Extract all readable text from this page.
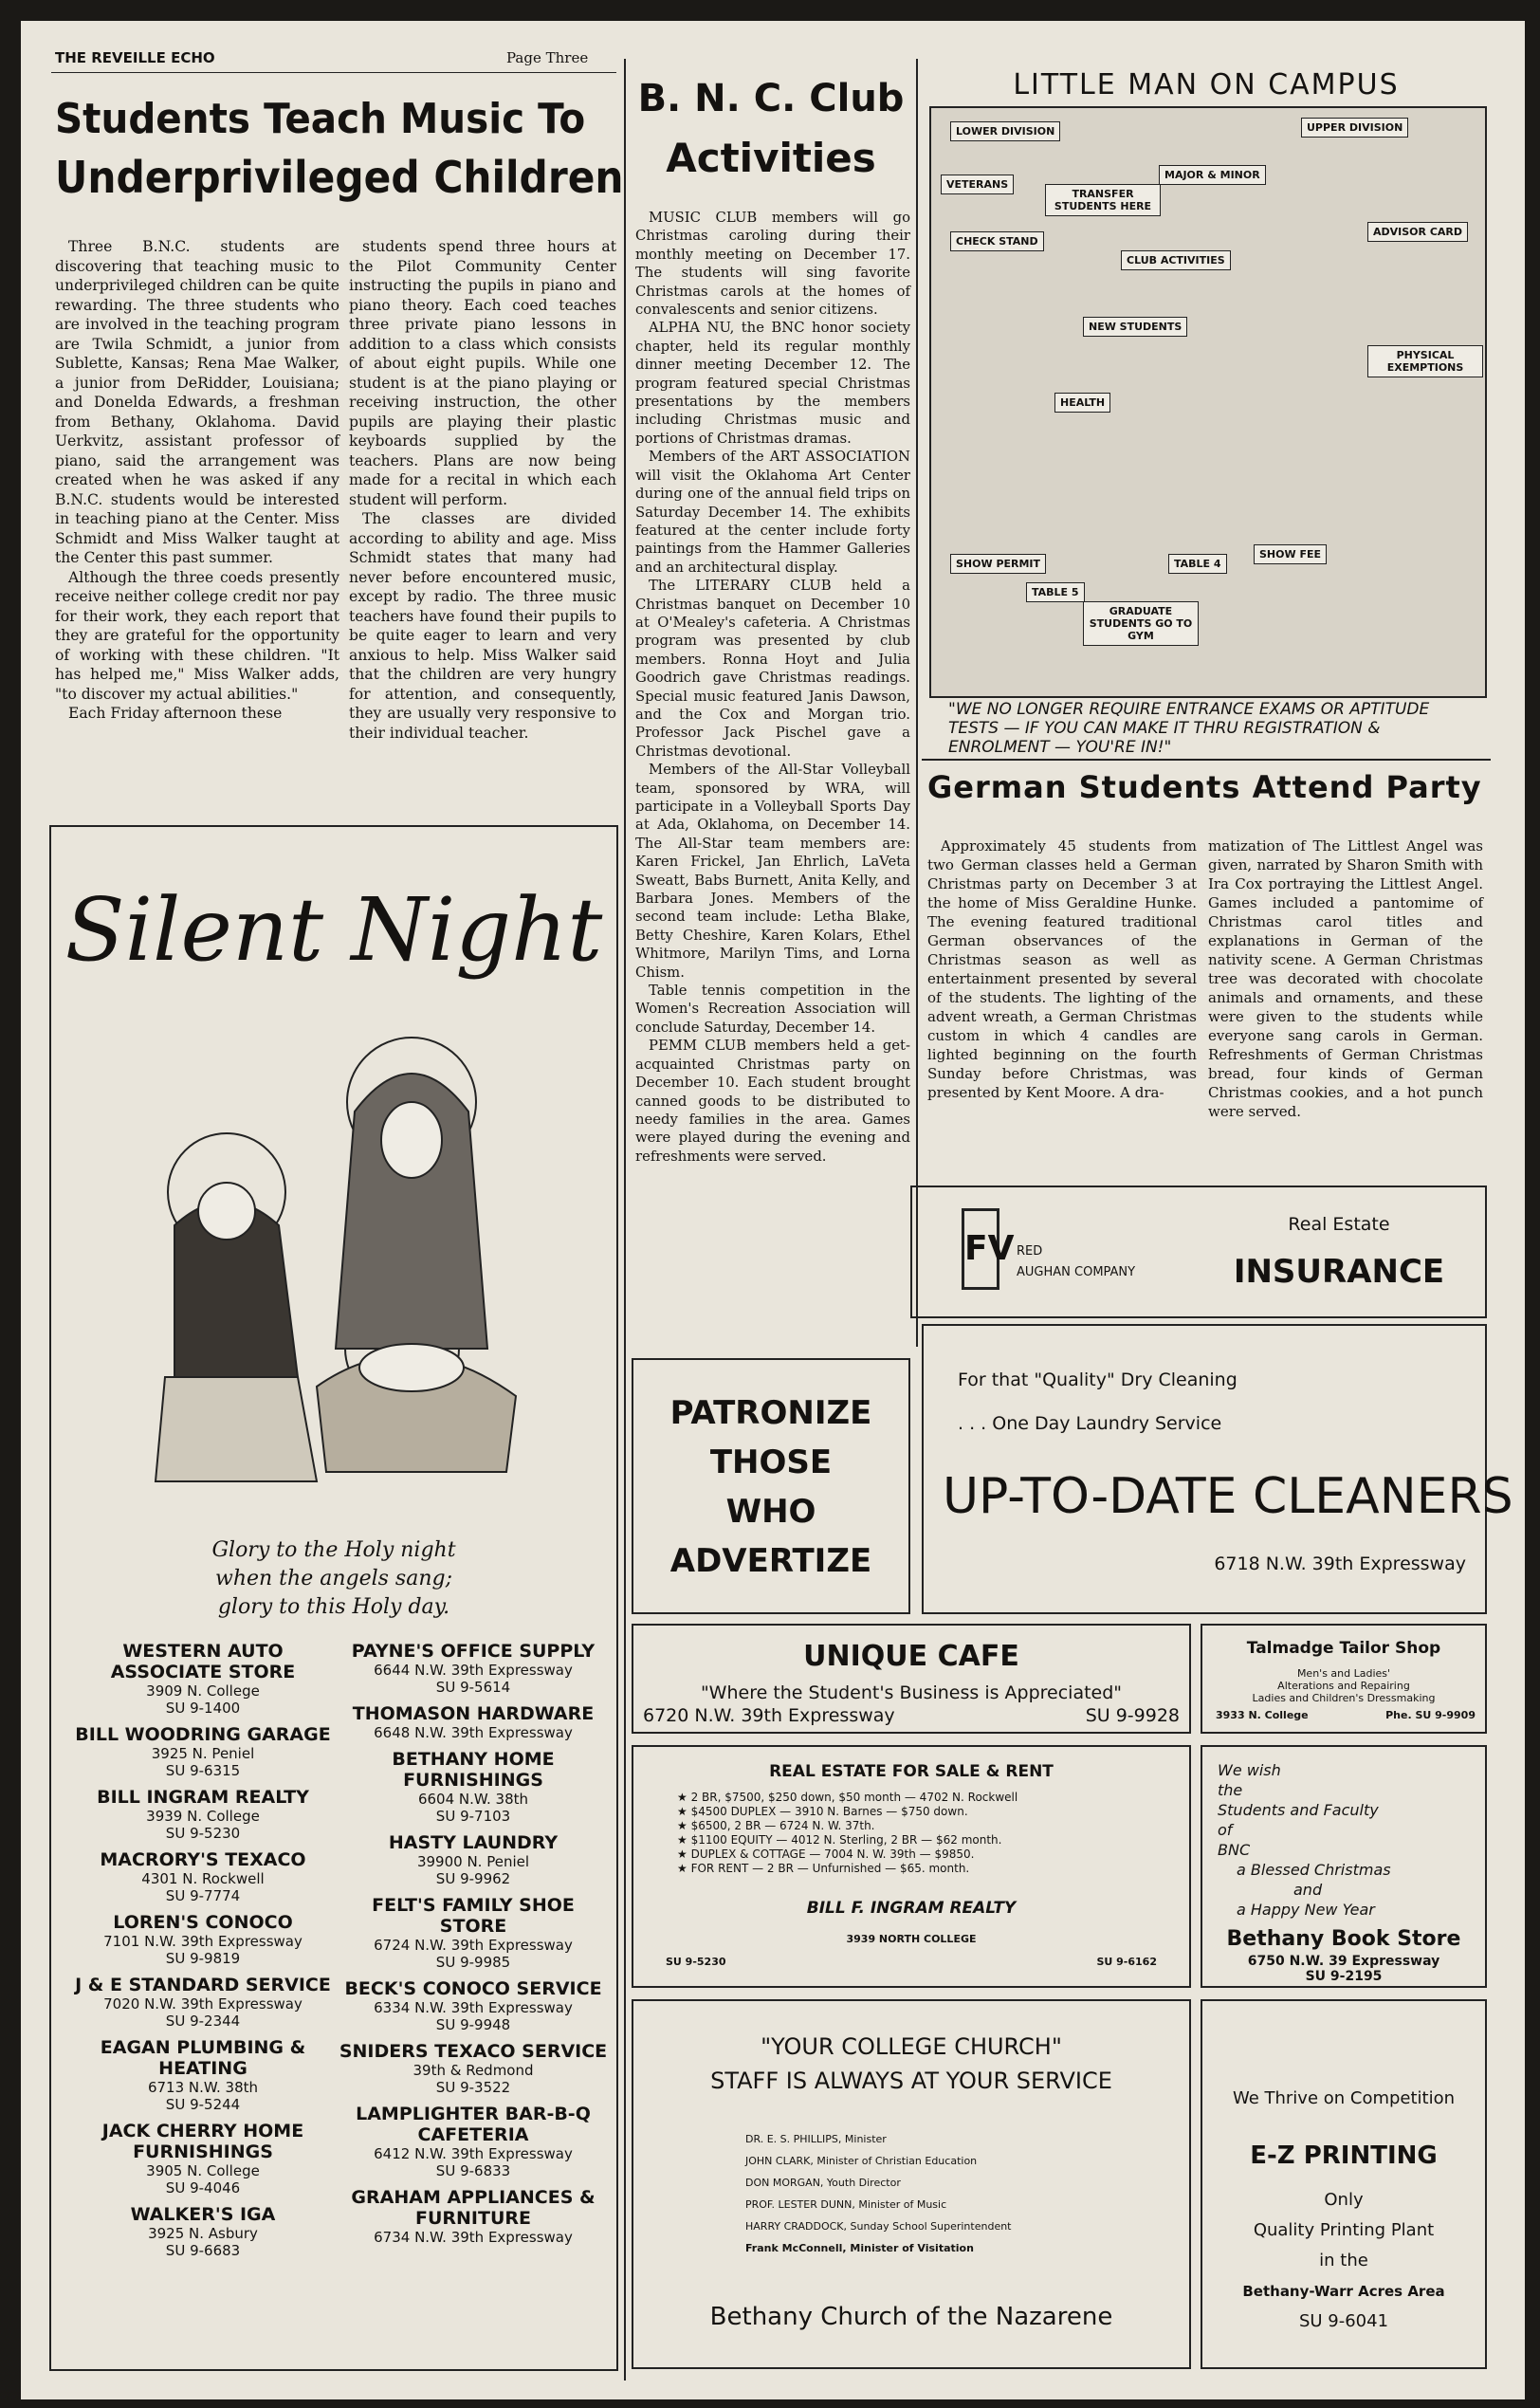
THE REVEILLE ECHO	Page Three
Students Teach Music To
Underprivileged Children

Three B.N.C. students are discovering that teaching music to underprivileged children can be quite rewarding. The three students who are involved in the teaching program are Twila Schmidt, a junior from Sublette, Kansas; Rena Mae Walker, a junior from DeRidder, Louisiana; and Donelda Edwards, a freshman from Bethany, Oklahoma. David Uerkvitz, assistant professor of piano, said the arrangement was created when he was asked if any B.N.C. students would be interested in teaching piano at the Center. Miss Schmidt and Miss Walker taught at the Center this past summer.

Although the three coeds presently receive neither college credit nor pay for their work, they each report that they are grateful for the opportunity of working with these children. "It has helped me," Miss Walker adds, "to discover my actual abilities."

Each Friday afternoon these

students spend three hours at the Pilot Community Center instructing the pupils in piano and piano theory. Each coed teaches three private piano lessons in addition to a class which consists of about eight pupils. While one student is at the piano playing or receiving instruction, the other pupils are playing their plastic keyboards supplied by the teachers. Plans are now being made for a recital in which each student will perform.

The classes are divided according to ability and age. Miss Schmidt states that many had never before encountered music, except by radio. The three music teachers have found their pupils to be quite eager to learn and very anxious to help. Miss Walker said that the children are very hungry for attention, and consequently, they are usually very responsive to their individual teacher.

Silent Night
Glory to the Holy night
when the angels sang;
glory to this Holy day.
WESTERN AUTO ASSOCIATE STORE
3909 N. College
SU 9-1400
BILL WOODRING GARAGE
3925 N. Peniel
SU 9-6315
BILL INGRAM REALTY
3939 N. College
SU 9-5230
MACRORY'S TEXACO
4301 N. Rockwell
SU 9-7774
LOREN'S CONOCO
7101 N.W. 39th Expressway
SU 9-9819
J & E STANDARD SERVICE
7020 N.W. 39th Expressway
SU 9-2344
EAGAN PLUMBING & HEATING
6713 N.W. 38th
SU 9-5244
JACK CHERRY HOME FURNISHINGS
3905 N. College
SU 9-4046
WALKER'S IGA
3925 N. Asbury
SU 9-6683
PAYNE'S OFFICE SUPPLY
6644 N.W. 39th Expressway
SU 9-5614
THOMASON HARDWARE
6648 N.W. 39th Expressway
BETHANY HOME FURNISHINGS
6604 N.W. 38th
SU 9-7103
HASTY LAUNDRY
39900 N. Peniel
SU 9-9962
FELT'S FAMILY SHOE STORE
6724 N.W. 39th Expressway
SU 9-9985
BECK'S CONOCO SERVICE
6334 N.W. 39th Expressway
SU 9-9948
SNIDERS TEXACO SERVICE
39th & Redmond
SU 9-3522
LAMPLIGHTER BAR-B-Q CAFETERIA
6412 N.W. 39th Expressway
SU 9-6833
GRAHAM APPLIANCES & FURNITURE
6734 N.W. 39th Expressway
B. N. C. Club
Activities

MUSIC CLUB members will go Christmas caroling during their monthly meeting on December 17. The students will sing favorite Christmas carols at the homes of convalescents and senior citizens.

ALPHA NU, the BNC honor society chapter, held its regular monthly dinner meeting December 12. The program featured special Christmas presentations by the members including Christmas music and portions of Christmas dramas.

Members of the ART ASSOCIATION will visit the Oklahoma Art Center during one of the annual field trips on Saturday December 14. The exhibits featured at the center include forty paintings from the Hammer Galleries and an architectural display.

The LITERARY CLUB held a Christmas banquet on December 10 at O'Mealey's cafeteria. A Christmas program was presented by club members. Ronna Hoyt and Julia Goodrich gave Christmas readings. Special music featured Janis Dawson, and the Cox and Morgan trio. Professor Jack Pischel gave a Christmas devotional.

Members of the All-Star Volleyball team, sponsored by WRA, will participate in a Volleyball Sports Day at Ada, Oklahoma, on December 14. The All-Star team members are: Karen Frickel, Jan Ehrlich, LaVeta Sweatt, Babs Burnett, Anita Kelly, and Barbara Jones. Members of the second team include: Letha Blake, Betty Cheshire, Karen Kolars, Ethel Whitmore, Marilyn Tims, and Lorna Chism.

Table tennis competition in the Women's Recreation Association will conclude Saturday, December 14.

PEMM CLUB members held a get-acquainted Christmas party on December 10. Each student brought canned goods to be distributed to needy families in the area. Games were played during the evening and refreshments were served.

LITTLE MAN ON CAMPUS
LOWER DIVISION	UPPER DIVISION
VETERANS
TRANSFER STUDENTS HERE
MAJOR & MINOR
CHECK STAND
CLUB ACTIVITIES
NEW STUDENTS
HEALTH
ADVISOR CARD
PHYSICAL EXEMPTIONS
TABLE 4
SHOW FEE
SHOW PERMIT
TABLE 5
GRADUATE STUDENTS GO TO GYM
"WE NO LONGER REQUIRE ENTRANCE EXAMS OR APTITUDE TESTS — IF YOU CAN MAKE IT THRU REGISTRATION & ENROLMENT — YOU'RE IN!"
German Students Attend Party

Approximately 45 students from two German classes held a German Christmas party on December 3 at the home of Miss Geraldine Hunke. The evening featured traditional German observances of the Christmas season as well as entertainment presented by several of the students. The lighting of the advent wreath, a German Christmas custom in which 4 candles are lighted beginning on the fourth Sunday before Christmas, was presented by Kent Moore. A dra-

matization of The Littlest Angel was given, narrated by Sharon Smith with Ira Cox portraying the Littlest Angel. Games included a pantomime of Christmas carol titles and explanations in German of the nativity scene. A German Christmas tree was decorated with chocolate animals and ornaments, and these were given to the students while everyone sang carols in German. Refreshments of German Christmas bread, four kinds of German Christmas cookies, and a hot punch were served.

FV RED
AUGHAN COMPANY
Real Estate
INSURANCE
PATRONIZE
THOSE
WHO
ADVERTIZE
For that "Quality" Dry Cleaning
. . . One Day Laundry Service
UP-TO-DATE CLEANERS
6718 N.W. 39th Expressway
UNIQUE CAFE
"Where the Student's Business is Appreciated"
6720 N.W. 39th Expressway	SU 9-9928
Talmadge Tailor Shop
Men's and Ladies'
Alterations and Repairing
Ladies and Children's Dressmaking
3933 N. College	Phe. SU 9-9909
REAL ESTATE FOR SALE & RENT
★ 2 BR, $7500, $250 down, $50 month — 4702 N. Rockwell
★ $4500 DUPLEX — 3910 N. Barnes — $750 down.
★ $6500, 2 BR — 6724 N. W. 37th.
★ $1100 EQUITY — 4012 N. Sterling, 2 BR — $62 month.
★ DUPLEX & COTTAGE — 7004 N. W. 39th — $9850.
★ FOR RENT — 2 BR — Unfurnished — $65. month.
BILL F. INGRAM REALTY
3939 NORTH COLLEGE
SU 9-5230	SU 9-6162
We wish
the
Students and Faculty
of
BNC
a Blessed Christmas
and
a Happy New Year
Bethany Book Store
6750 N.W. 39 Expressway
SU 9-2195
"YOUR COLLEGE CHURCH"
STAFF IS ALWAYS AT YOUR SERVICE
DR. E. S. PHILLIPS, Minister
JOHN CLARK, Minister of Christian Education
DON MORGAN, Youth Director
PROF. LESTER DUNN, Minister of Music
HARRY CRADDOCK, Sunday School Superintendent
Frank McConnell, Minister of Visitation
Bethany Church of the Nazarene
We Thrive on Competition
E-Z PRINTING
Only
Quality Printing Plant
in the
Bethany-Warr Acres Area
SU 9-6041
